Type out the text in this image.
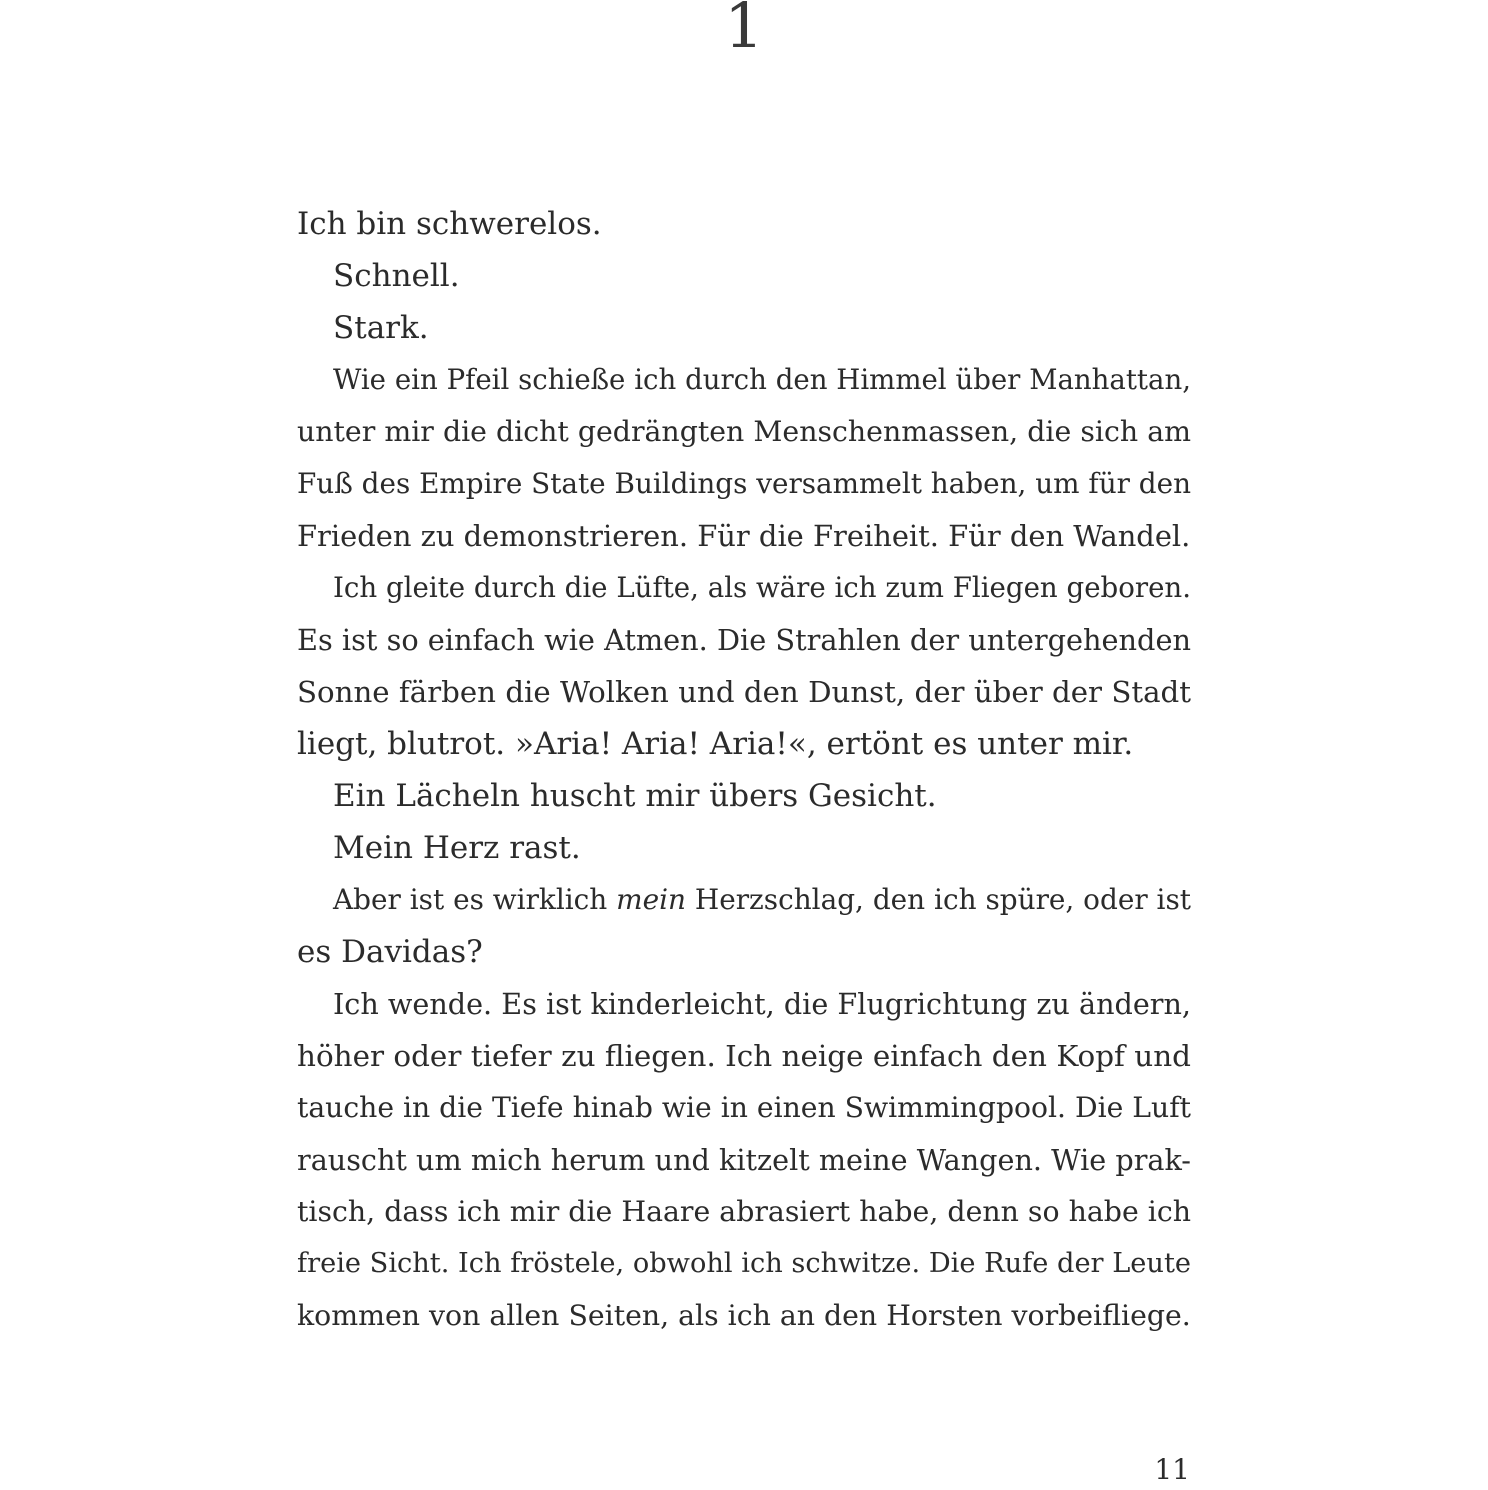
1
Ich bin schwerelos.
Schnell.
Stark.
Wie ein Pfeil schieße ich durch den Himmel über Manhattan,
unter mir die dicht gedrängten Menschenmassen, die sich am
Fuß des Empire State Buildings versammelt haben, um für den
Frieden zu demonstrieren. Für die Freiheit. Für den Wandel.
Ich gleite durch die Lüfte, als wäre ich zum Fliegen geboren.
Es ist so einfach wie Atmen. Die Strahlen der untergehenden
Sonne färben die Wolken und den Dunst, der über der Stadt
liegt, blutrot. »Aria! Aria! Aria!«, ertönt es unter mir.
Ein Lächeln huscht mir übers Gesicht.
Mein Herz rast.
Aber ist es wirklich mein Herzschlag, den ich spüre, oder ist
es Davidas?
Ich wende. Es ist kinderleicht, die Flugrichtung zu ändern,
höher oder tiefer zu fliegen. Ich neige einfach den Kopf und
tauche in die Tiefe hinab wie in einen Swimmingpool. Die Luft
rauscht um mich herum und kitzelt meine Wangen. Wie prak-
tisch, dass ich mir die Haare abrasiert habe, denn so habe ich
freie Sicht. Ich fröstele, obwohl ich schwitze. Die Rufe der Leute
kommen von allen Seiten, als ich an den Horsten vorbeifliege.
11
